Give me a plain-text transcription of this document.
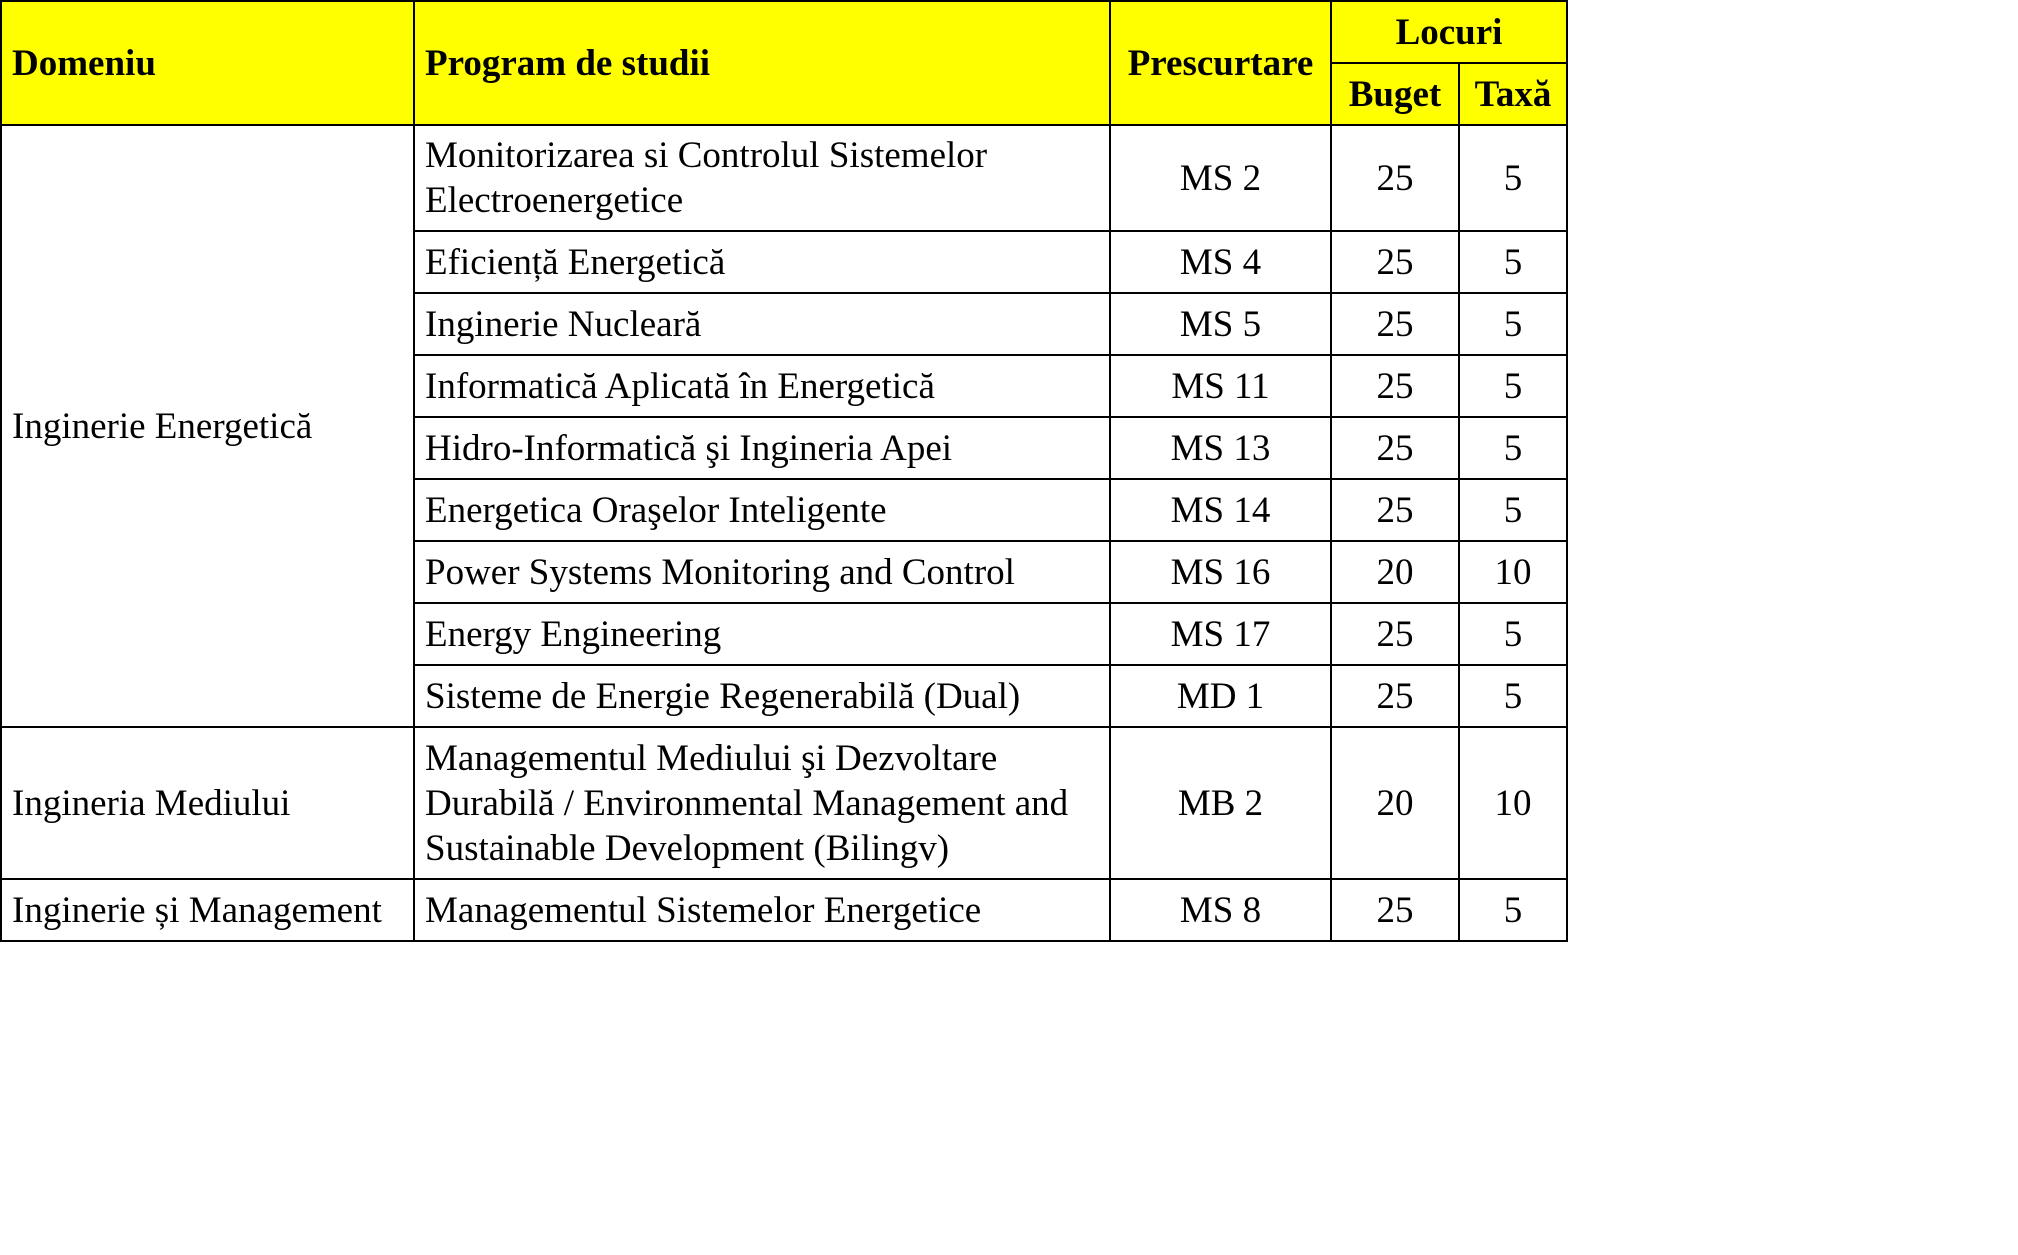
Domeniu	Program de studii	Prescurtare	Locuri	
			Buget	Taxă
Inginerie Energetică	Monitorizarea si Controlul Sistemelor Electroenergetice	MS 2	25	5
	Eficiență Energetică	MS 4	25	5
	Inginerie Nucleară	MS 5	25	5
	Informatică Aplicată în Energetică	MS 11	25	5
	Hidro-Informatică şi Ingineria Apei	MS 13	25	5
	Energetica Oraşelor Inteligente	MS 14	25	5
	Power Systems Monitoring and Control	MS 16	20	10
	Energy Engineering	MS 17	25	5
	Sisteme de Energie Regenerabilă (Dual)	MD 1	25	5
Ingineria Mediului	Managementul Mediului şi Dezvoltare Durabilă / Environmental Management and Sustainable Development (Bilingv)	MB 2	20	10
Inginerie și Management	Managementul Sistemelor Energetice	MS 8	25	5
